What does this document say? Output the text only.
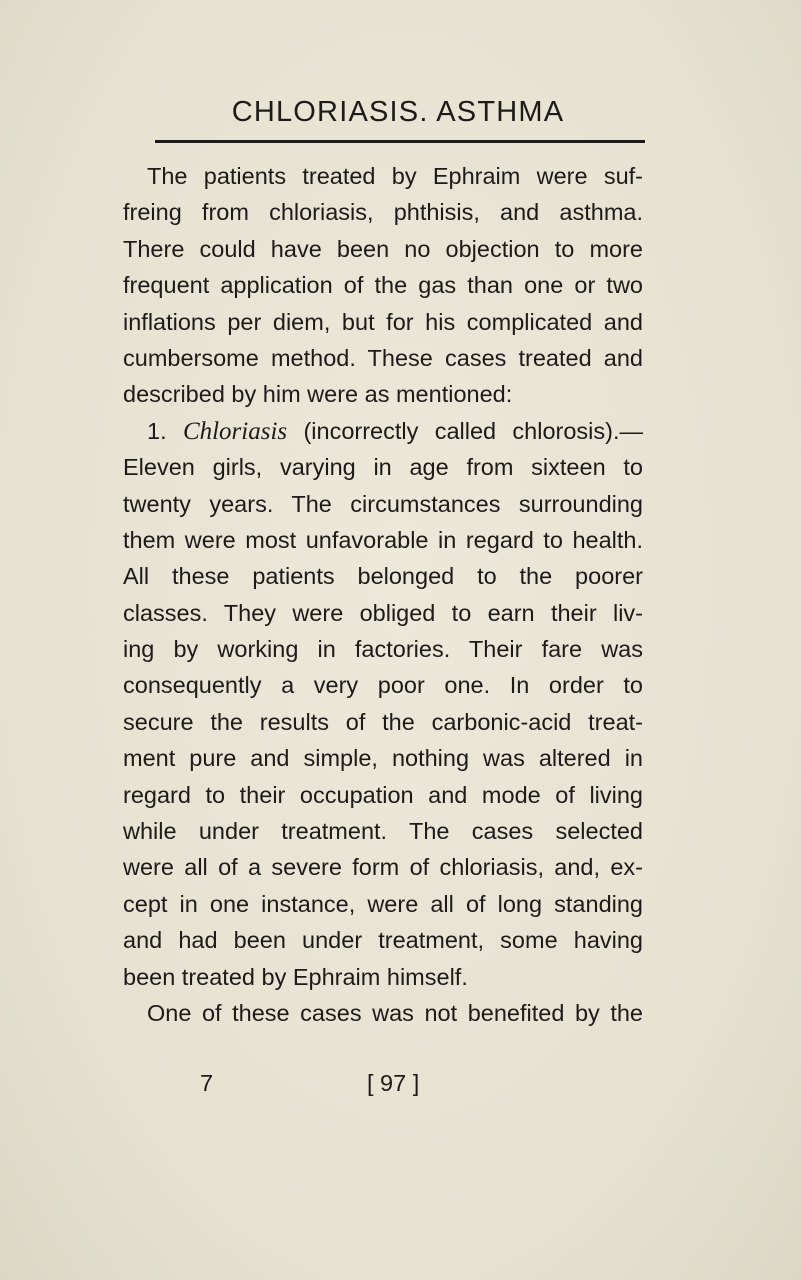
CHLORIASIS. ASTHMA
The patients treated by Ephraim were suf-
freing from chloriasis, phthisis, and asthma.
There could have been no objection to more
frequent application of the gas than one or two
inflations per diem, but for his complicated and
cumbersome method. These cases treated and
described by him were as mentioned:
1. Chloriasis (incorrectly called chlorosis).—
Eleven girls, varying in age from sixteen to
twenty years. The circumstances surrounding
them were most unfavorable in regard to health.
All these patients belonged to the poorer
classes. They were obliged to earn their liv-
ing by working in factories. Their fare was
consequently a very poor one. In order to
secure the results of the carbonic-acid treat-
ment pure and simple, nothing was altered in
regard to their occupation and mode of living
while under treatment. The cases selected
were all of a severe form of chloriasis, and, ex-
cept in one instance, were all of long standing
and had been under treatment, some having
been treated by Ephraim himself.
One of these cases was not benefited by the
7	[ 97 ]
